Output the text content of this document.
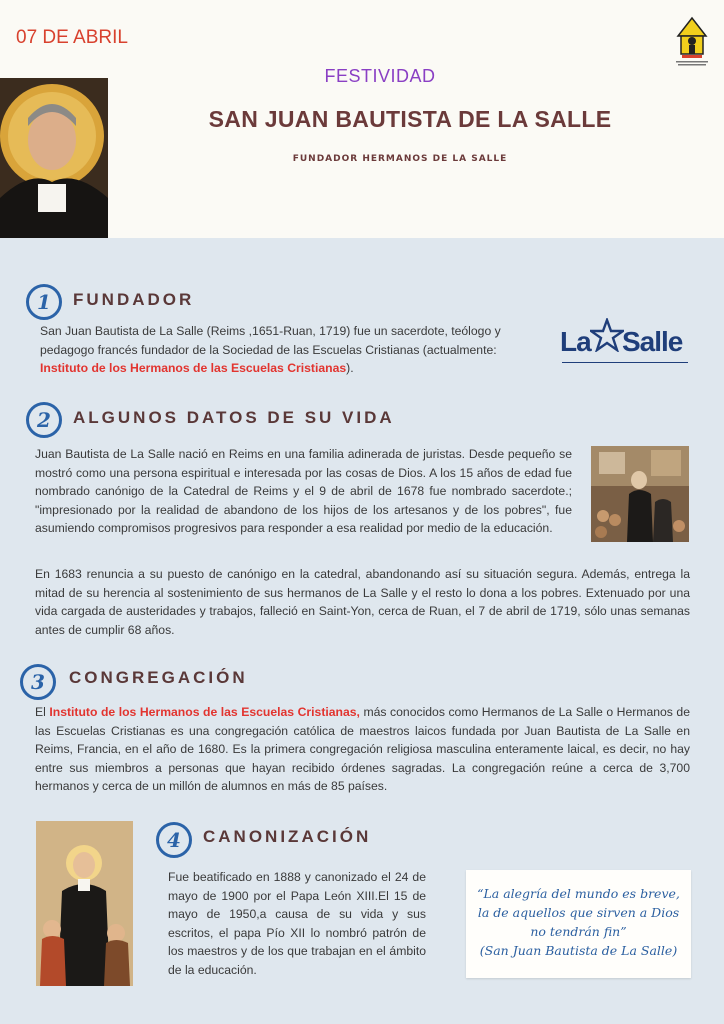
07 DE ABRIL
FESTIVIDAD
SAN JUAN BAUTISTA DE LA SALLE
FUNDADOR HERMANOS DE LA SALLE
1	FUNDADOR
San Juan Bautista de La Salle (Reims ,1651-Ruan, 1719) fue un sacerdote, teólogo y pedagogo francés fundador de la Sociedad de las Escuelas Cristianas (actualmente: Instituto de los Hermanos de las Escuelas Cristianas).
La Salle
2	ALGUNOS DATOS DE SU VIDA
Juan Bautista de La Salle nació en Reims en una familia adinerada de juristas. Desde pequeño se mostró como una persona espiritual e interesada por las cosas de Dios. A los 15 años de edad fue nombrado canónigo de la Catedral de Reims y el 9 de abril de 1678 fue nombrado sacerdote.; "impresionado por la realidad de abandono de los hijos de los artesanos y de los pobres", fue asumiendo compromisos progresivos para responder a esa realidad por medio de la educación.
En 1683 renuncia a su puesto de canónigo en la catedral, abandonando así su situación segura. Además, entrega la mitad de su herencia al sostenimiento de sus hermanos de La Salle y el resto lo dona a los pobres. Extenuado por una vida cargada de austeridades y trabajos, falleció en Saint-Yon, cerca de Ruan, el 7 de abril de 1719, sólo unas semanas antes de cumplir 68 años.
3	CONGREGACIÓN
El Instituto de los Hermanos de las Escuelas Cristianas, más conocidos como Hermanos de La Salle o Hermanos de las Escuelas Cristianas es una congregación católica de maestros laicos fundada por Juan Bautista de La Salle en Reims, Francia, en el año de 1680. Es la primera congregación religiosa masculina enteramente laical, es decir, no hay entre sus miembros a personas que hayan recibido órdenes sagradas. La congregación reúne a cerca de 3,700 hermanos y cerca de un millón de alumnos en más de 85 países.
4	CANONIZACIÓN
Fue beatificado en 1888 y canonizado el 24 de mayo de 1900 por el Papa León XIII.El 15 de mayo de 1950,a causa de su vida y sus escritos, el papa Pío XII lo nombró patrón de los maestros y de los que trabajan en el ámbito de la educación.
“La alegría del mundo es breve,
la de aquellos que sirven a Dios
no tendrán fin”
(San Juan Bautista de La Salle)
